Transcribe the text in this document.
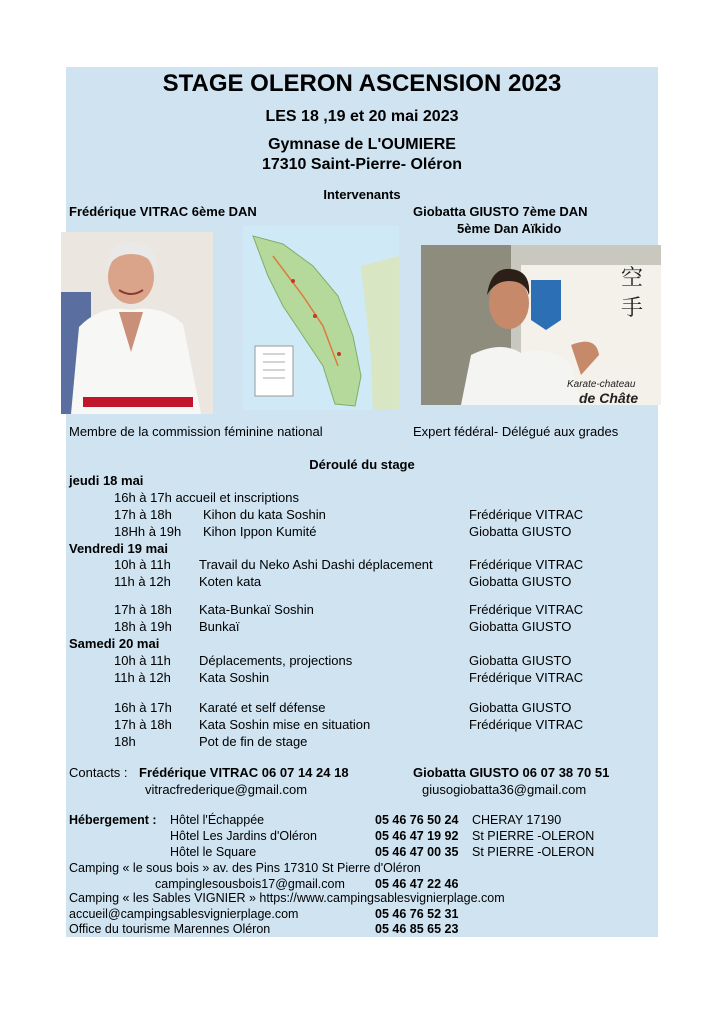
STAGE OLERON ASCENSION 2023
LES 18 ,19 et 20 mai 2023
Gymnase de L'OUMIERE
17310 Saint-Pierre- Oléron
Intervenants
Frédérique VITRAC 6ème DAN	Giobatta GIUSTO 7ème DAN
5ème Dan Aïkido
空
手
Karate-chateau
de Châte
Membre de la commission féminine national	Expert fédéral- Délégué aux grades
Déroulé du stage
jeudi 18 mai
16h à 17h accueil et inscriptions
17h à 18h Kihon du kata Soshin	Frédérique VITRAC
18Hh à 19h Kihon Ippon Kumité	Giobatta GIUSTO
Vendredi 19 mai
10h à 11h Travail du Neko Ashi Dashi déplacement	Frédérique VITRAC
11h à 12h Koten kata	Giobatta GIUSTO
17h à 18h Kata-Bunkaï Soshin	Frédérique VITRAC
18h à 19h Bunkaï	Giobatta GIUSTO
Samedi 20 mai
10h à 11h Déplacements, projections	Giobatta GIUSTO
11h à 12h Kata Soshin	Frédérique VITRAC
16h à 17h Karaté et self défense	Giobatta GIUSTO
17h à 18h Kata Soshin mise en situation	Frédérique VITRAC
18h	Pot de fin de stage
Contacts : Frédérique VITRAC 06 07 14 24 18	Giobatta GIUSTO 06 07 38 70 51
vitracfrederique@gmail.com	giusogiobatta36@gmail.com
Hébergement : Hôtel l'Échappée	05 46 76 50 24 CHERAY 17190
Hôtel Les Jardins d'Oléron	05 46 47 19 92 St PIERRE -OLERON
Hôtel le Square	05 46 47 00 35 St PIERRE -OLERON
Camping « le sous bois » av. des Pins 17310 St Pierre d'Oléron
campinglesousbois17@gmail.com 05 46 47 22 46
Camping « les Sables VIGNIER » https://www.campingsablesvignierplage.com
accueil@campingsablesvignierplage.com	05 46 76 52 31
Office du tourisme Marennes Oléron	05 46 85 65 23
